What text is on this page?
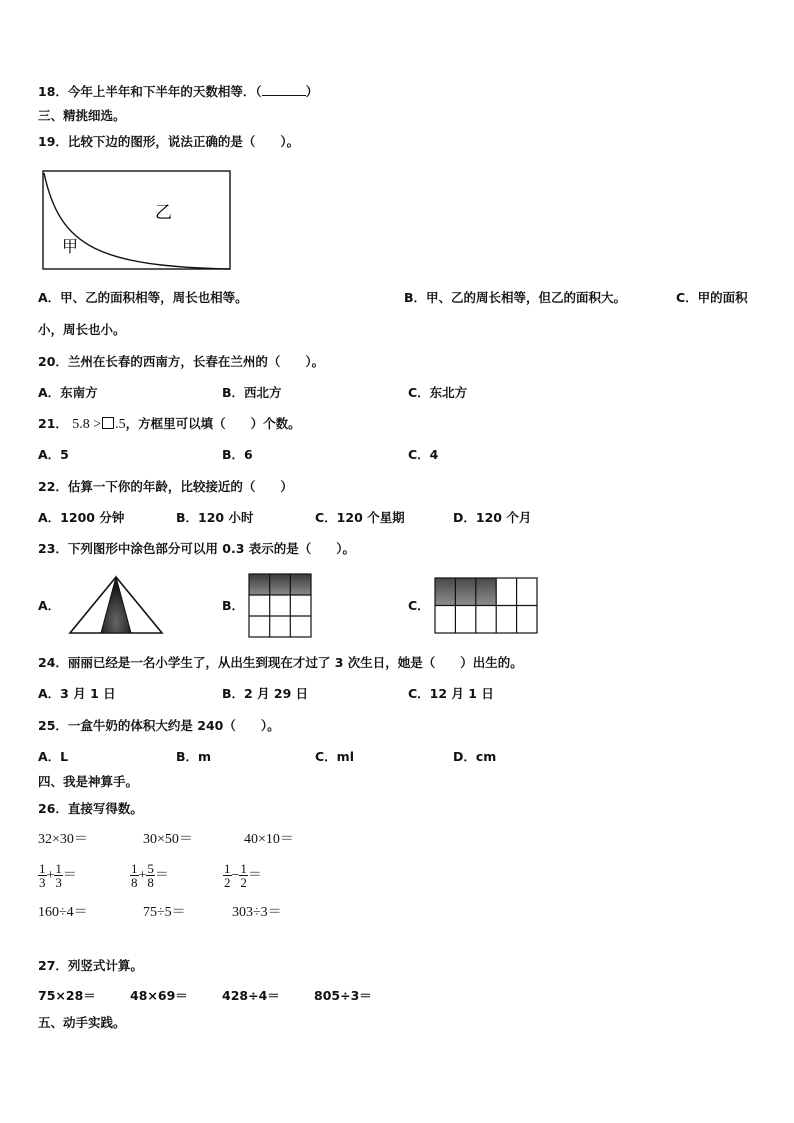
18．今年上半年和下半年的天数相等．（	）
三、精挑细选。
19．比较下边的图形，说法正确的是（　　）。
乙
甲
A．甲、乙的面积相等，周长也相等。	B．甲、乙的周长相等，但乙的面积大。	C．甲的面积
小，周长也小。
20．兰州在长春的西南方，长春在兰州的（　　）。
A．东南方	B．西北方	C．东北方
21． 5.8 > .5，方框里可以填（　　）个数。
A．5	B．6	C．4
22．估算一下你的年龄，比较接近的（　　）
A．1200 分钟	B．120 小时	C．120 个星期	D．120 个月
23．下列图形中涂色部分可以用 0.3 表示的是（　　）。
A．	B．	C．
24．丽丽已经是一名小学生了，从出生到现在才过了 3 次生日，她是（　　）出生的。
A．3 月 1 日	B．2 月 29 日	C．12 月 1 日
25．一盒牛奶的体积大约是 240（　　）。
A．L	B．m	C．ml	D．cm
四、我是神算手。
26．直接写得数。
32×30＝	30×50＝	40×10＝
$\frac{1}{3} + \frac{1}{3}$ ＝	$\frac{1}{8} + \frac{5}{8}$ ＝	$\frac{1}{2} - \frac{1}{2}$ ＝
160÷4＝	75÷5＝	303÷3＝
27．列竖式计算。
75×28＝	48×69＝	428÷4＝	805÷3＝
五、动手实践。
